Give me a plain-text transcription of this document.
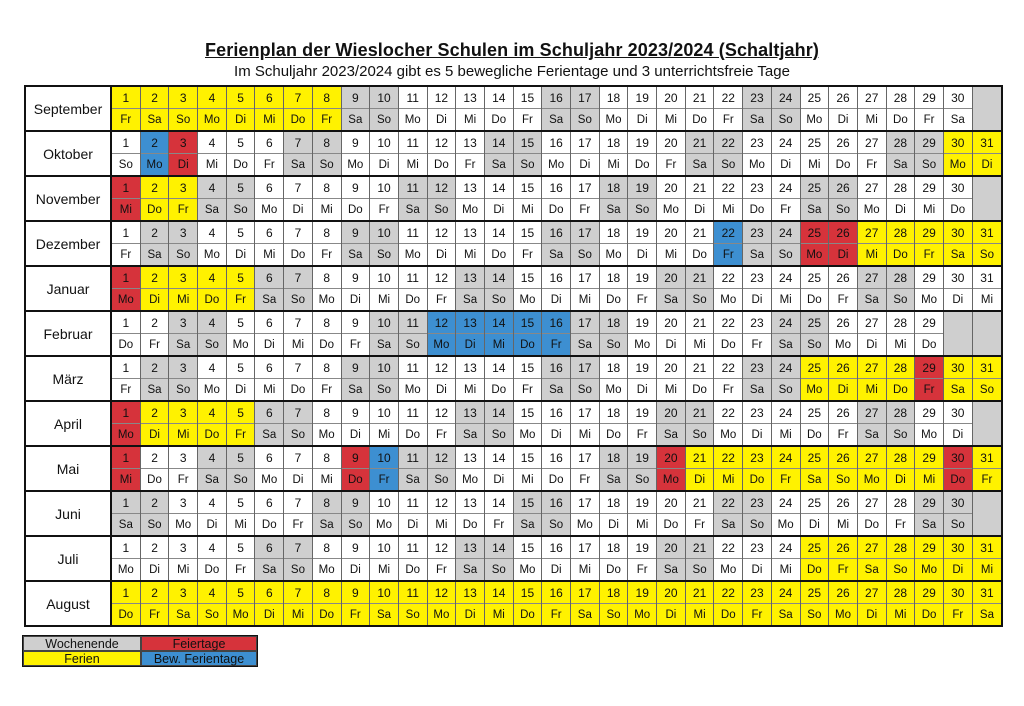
Ferienplan der Wieslocher Schulen im Schuljahr 2023/2024 (Schaltjahr)
Im Schuljahr 2023/2024 gibt es 5 bewegliche Ferientage und 3 unterrichtsfreie Tage
September
1
Fr
2
Sa
3
So
4
Mo
5
Di
6
Mi
7
Do
8
Fr
9
Sa
10
So
11
Mo
12
Di
13
Mi
14
Do
15
Fr
16
Sa
17
So
18
Mo
19
Di
20
Mi
21
Do
22
Fr
23
Sa
24
So
25
Mo
26
Di
27
Mi
28
Do
29
Fr
30
Sa
Oktober
1
So
2
Mo
3
Di
4
Mi
5
Do
6
Fr
7
Sa
8
So
9
Mo
10
Di
11
Mi
12
Do
13
Fr
14
Sa
15
So
16
Mo
17
Di
18
Mi
19
Do
20
Fr
21
Sa
22
So
23
Mo
24
Di
25
Mi
26
Do
27
Fr
28
Sa
29
So
30
Mo
31
Di
November
1
Mi
2
Do
3
Fr
4
Sa
5
So
6
Mo
7
Di
8
Mi
9
Do
10
Fr
11
Sa
12
So
13
Mo
14
Di
15
Mi
16
Do
17
Fr
18
Sa
19
So
20
Mo
21
Di
22
Mi
23
Do
24
Fr
25
Sa
26
So
27
Mo
28
Di
29
Mi
30
Do
Dezember
1
Fr
2
Sa
3
So
4
Mo
5
Di
6
Mi
7
Do
8
Fr
9
Sa
10
So
11
Mo
12
Di
13
Mi
14
Do
15
Fr
16
Sa
17
So
18
Mo
19
Di
20
Mi
21
Do
22
Fr
23
Sa
24
So
25
Mo
26
Di
27
Mi
28
Do
29
Fr
30
Sa
31
So
Januar
1
Mo
2
Di
3
Mi
4
Do
5
Fr
6
Sa
7
So
8
Mo
9
Di
10
Mi
11
Do
12
Fr
13
Sa
14
So
15
Mo
16
Di
17
Mi
18
Do
19
Fr
20
Sa
21
So
22
Mo
23
Di
24
Mi
25
Do
26
Fr
27
Sa
28
So
29
Mo
30
Di
31
Mi
Februar
1
Do
2
Fr
3
Sa
4
So
5
Mo
6
Di
7
Mi
8
Do
9
Fr
10
Sa
11
So
12
Mo
13
Di
14
Mi
15
Do
16
Fr
17
Sa
18
So
19
Mo
20
Di
21
Mi
22
Do
23
Fr
24
Sa
25
So
26
Mo
27
Di
28
Mi
29
Do
März
1
Fr
2
Sa
3
So
4
Mo
5
Di
6
Mi
7
Do
8
Fr
9
Sa
10
So
11
Mo
12
Di
13
Mi
14
Do
15
Fr
16
Sa
17
So
18
Mo
19
Di
20
Mi
21
Do
22
Fr
23
Sa
24
So
25
Mo
26
Di
27
Mi
28
Do
29
Fr
30
Sa
31
So
April
1
Mo
2
Di
3
Mi
4
Do
5
Fr
6
Sa
7
So
8
Mo
9
Di
10
Mi
11
Do
12
Fr
13
Sa
14
So
15
Mo
16
Di
17
Mi
18
Do
19
Fr
20
Sa
21
So
22
Mo
23
Di
24
Mi
25
Do
26
Fr
27
Sa
28
So
29
Mo
30
Di
Mai
1
Mi
2
Do
3
Fr
4
Sa
5
So
6
Mo
7
Di
8
Mi
9
Do
10
Fr
11
Sa
12
So
13
Mo
14
Di
15
Mi
16
Do
17
Fr
18
Sa
19
So
20
Mo
21
Di
22
Mi
23
Do
24
Fr
25
Sa
26
So
27
Mo
28
Di
29
Mi
30
Do
31
Fr
Juni
1
Sa
2
So
3
Mo
4
Di
5
Mi
6
Do
7
Fr
8
Sa
9
So
10
Mo
11
Di
12
Mi
13
Do
14
Fr
15
Sa
16
So
17
Mo
18
Di
19
Mi
20
Do
21
Fr
22
Sa
23
So
24
Mo
25
Di
26
Mi
27
Do
28
Fr
29
Sa
30
So
Juli
1
Mo
2
Di
3
Mi
4
Do
5
Fr
6
Sa
7
So
8
Mo
9
Di
10
Mi
11
Do
12
Fr
13
Sa
14
So
15
Mo
16
Di
17
Mi
18
Do
19
Fr
20
Sa
21
So
22
Mo
23
Di
24
Mi
25
Do
26
Fr
27
Sa
28
So
29
Mo
30
Di
31
Mi
August
1
Do
2
Fr
3
Sa
4
So
5
Mo
6
Di
7
Mi
8
Do
9
Fr
10
Sa
11
So
12
Mo
13
Di
14
Mi
15
Do
16
Fr
17
Sa
18
So
19
Mo
20
Di
21
Mi
22
Do
23
Fr
24
Sa
25
So
26
Mo
27
Di
28
Mi
29
Do
30
Fr
31
Sa
Wochenende	Feiertage
Ferien	Bew. Ferientage
